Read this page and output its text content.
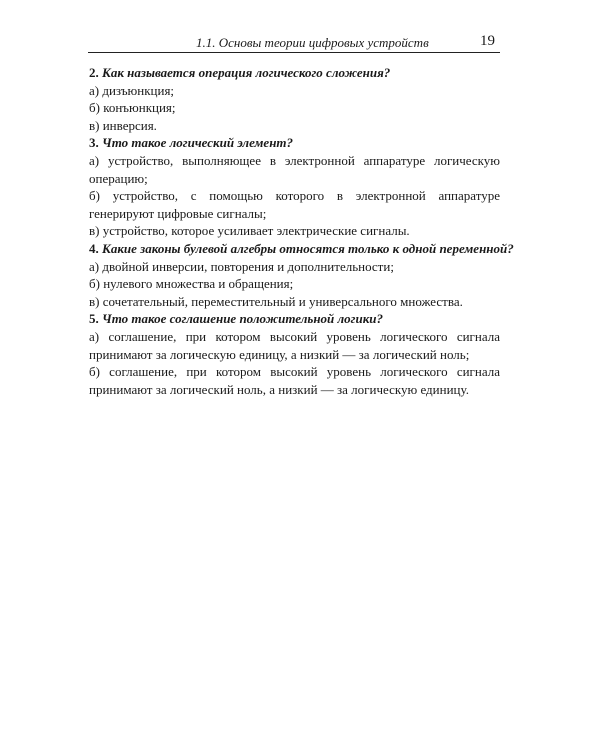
1.1. Основы теории цифровых устройств	19
2. Как называется операция логического сложения?
а) дизъюнкция;
б) конъюнкция;
в) инверсия.
3. Что такое логический элемент?
а) устройство, выполняющее в электронной аппаратуре логическую операцию;
б) устройство, с помощью которого в электронной аппаратуре генерируют цифровые сигналы;
в) устройство, которое усиливает электрические сигналы.
4. Какие законы булевой алгебры относятся только к одной переменной?
а) двойной инверсии, повторения и дополнительности;
б) нулевого множества и обращения;
в) сочетательный, переместительный и универсального множества.
5. Что такое соглашение положительной логики?
а) соглашение, при котором высокий уровень логического сигнала принимают за логическую единицу, а низкий — за логический ноль;
б) соглашение, при котором высокий уровень логического сигнала принимают за логический ноль, а низкий — за логическую единицу.
